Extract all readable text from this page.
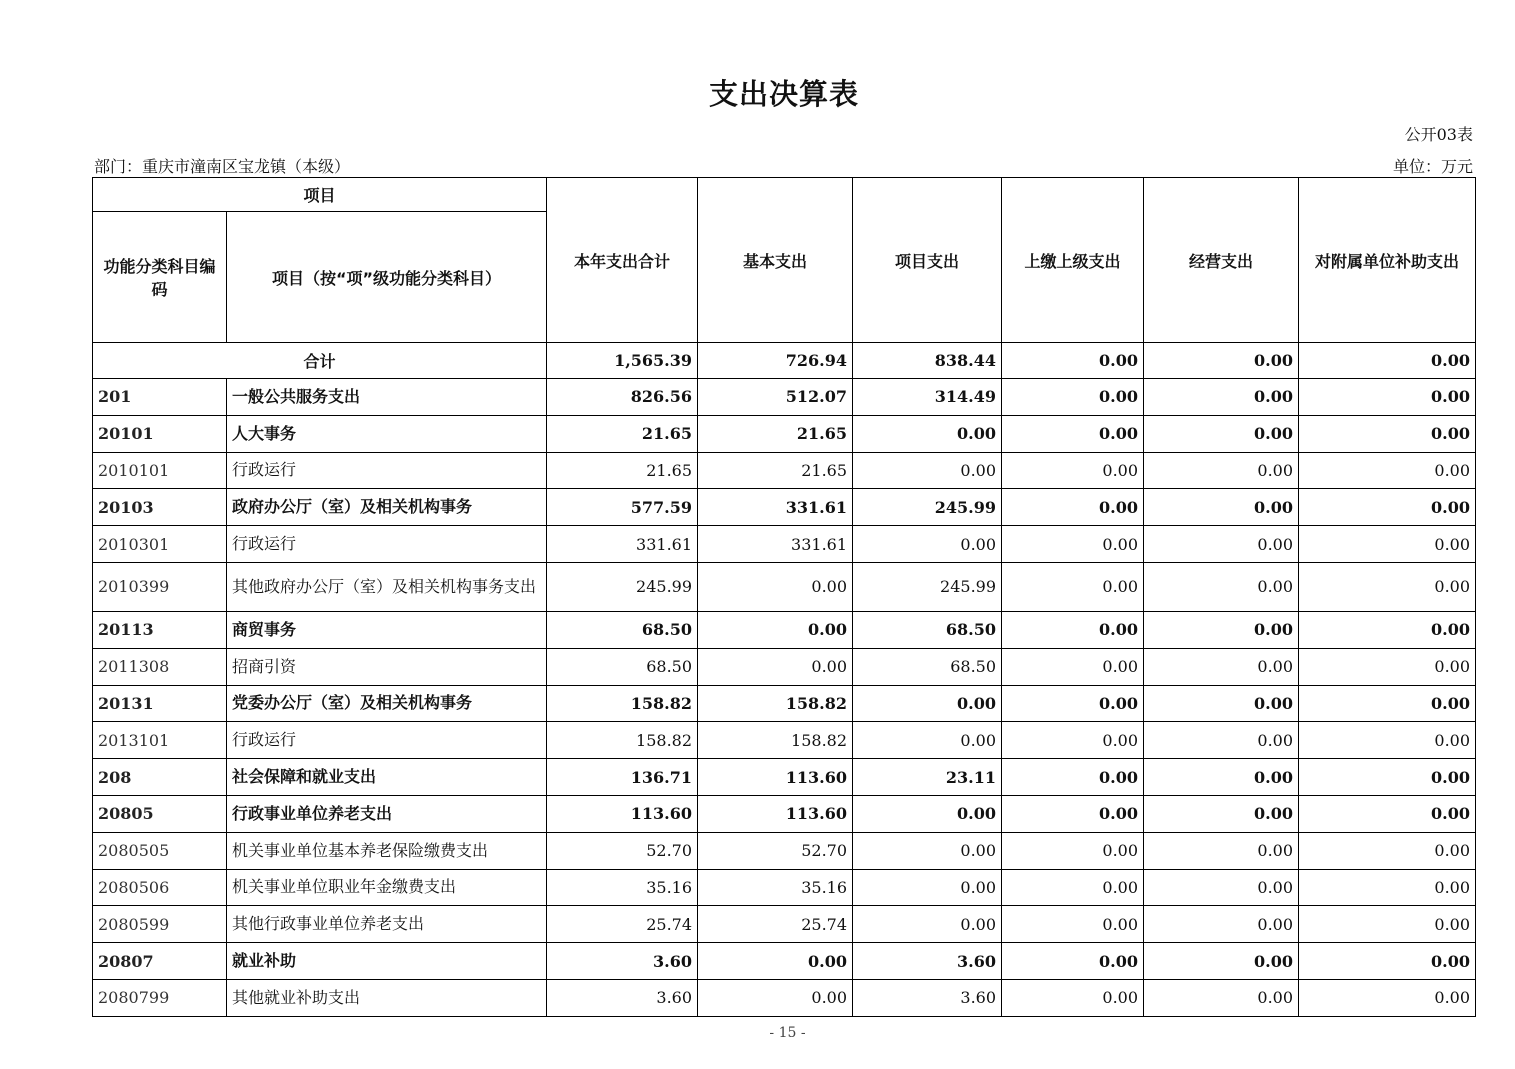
支出决算表
公开03表
部门：重庆市潼南区宝龙镇（本级）	单位：万元
项目		本年支出合计	基本支出	项目支出	上缴上级支出	经营支出	对附属单位补助支出
功能分类科目编码	项目（按“项”级功能分类科目）						
合计		1,565.39	726.94	838.44	0.00	0.00	0.00
201	一般公共服务支出	826.56	512.07	314.49	0.00	0.00	0.00
20101	人大事务	21.65	21.65	0.00	0.00	0.00	0.00
2010101	行政运行	21.65	21.65	0.00	0.00	0.00	0.00
20103	政府办公厅（室）及相关机构事务	577.59	331.61	245.99	0.00	0.00	0.00
2010301	行政运行	331.61	331.61	0.00	0.00	0.00	0.00
2010399	其他政府办公厅（室）及相关机构事务支出	245.99	0.00	245.99	0.00	0.00	0.00
20113	商贸事务	68.50	0.00	68.50	0.00	0.00	0.00
2011308	招商引资	68.50	0.00	68.50	0.00	0.00	0.00
20131	党委办公厅（室）及相关机构事务	158.82	158.82	0.00	0.00	0.00	0.00
2013101	行政运行	158.82	158.82	0.00	0.00	0.00	0.00
208	社会保障和就业支出	136.71	113.60	23.11	0.00	0.00	0.00
20805	行政事业单位养老支出	113.60	113.60	0.00	0.00	0.00	0.00
2080505	机关事业单位基本养老保险缴费支出	52.70	52.70	0.00	0.00	0.00	0.00
2080506	机关事业单位职业年金缴费支出	35.16	35.16	0.00	0.00	0.00	0.00
2080599	其他行政事业单位养老支出	25.74	25.74	0.00	0.00	0.00	0.00
20807	就业补助	3.60	0.00	3.60	0.00	0.00	0.00
2080799	其他就业补助支出	3.60	0.00	3.60	0.00	0.00	0.00
- 15 -
